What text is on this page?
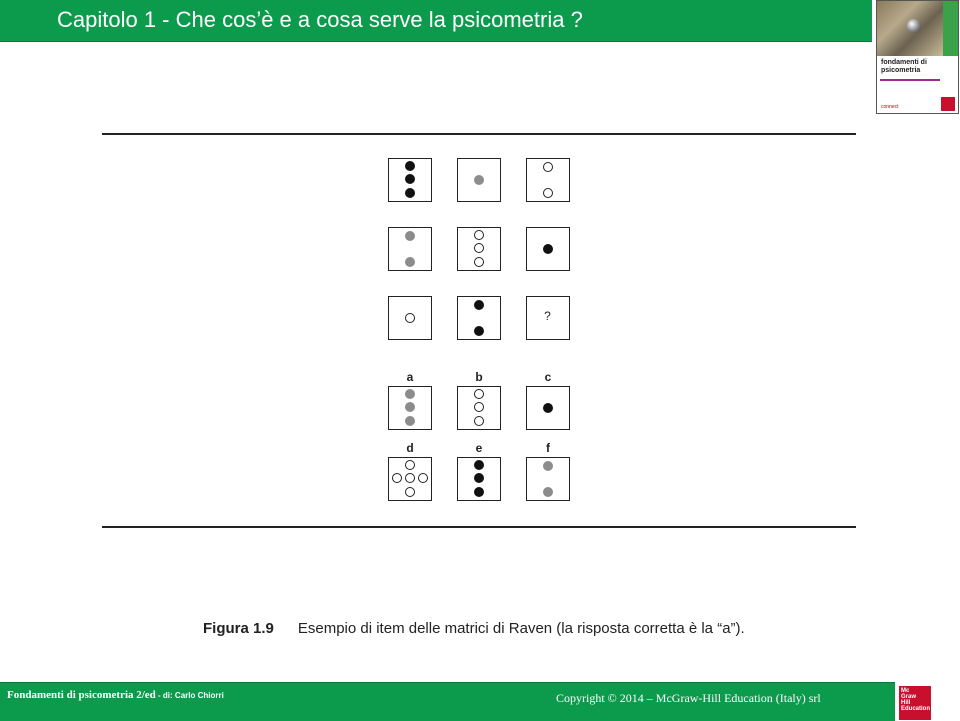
Capitolo 1 - Che cos’è e a cosa serve la psicometria ?
fondamenti di psicometria
connect
?
a	b	c
d	e	f
Figura 1.9 Esempio di item delle matrici di Raven (la risposta corretta è la “a”).
Fondamenti di psicometria 2/ed - di: Carlo Chiorri	Copyright © 2014 – McGraw-Hill Education (Italy) srl	Mc
Graw
Hill
Education
